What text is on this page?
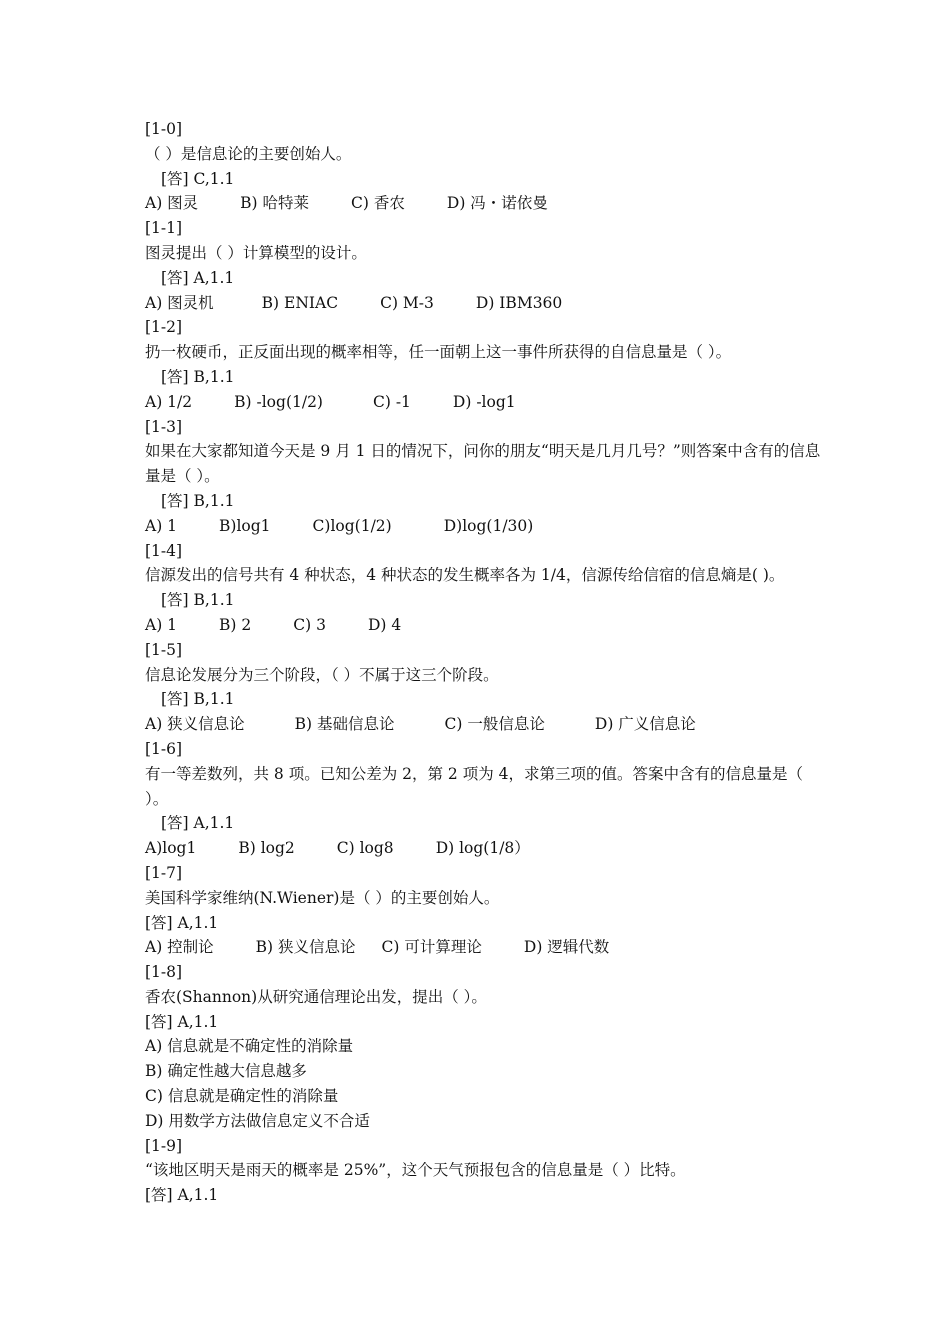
[1-0]
（ ）是信息论的主要创始人。
[答] C,1.1
A) 图灵	B) 哈特莱	C) 香农	D) 冯・诺依曼
[1-1]
图灵提出（ ）计算模型的设计。
[答] A,1.1
A) 图灵机	B) ENIAC	C) M-3	D) IBM360
[1-2]
扔一枚硬币，正反面出现的概率相等，任一面朝上这一事件所获得的自信息量是（ ）。
[答] B,1.1
A) 1/2	B) -log(1/2)	C) -1	D) -log1
[1-3]
如果在大家都知道今天是 9 月 1 日的情况下，问你的朋友“明天是几月几号？”则答案中含有的信息量是（ ）。
[答] B,1.1
A) 1	B)log1	C)log(1/2)	D)log(1/30)
[1-4]
信源发出的信号共有 4 种状态，4 种状态的发生概率各为 1/4，信源传给信宿的信息熵是( )。
[答] B,1.1
A) 1	B) 2	C) 3	D) 4
[1-5]
信息论发展分为三个阶段，（ ）不属于这三个阶段。
[答] B,1.1
A) 狭义信息论	B) 基础信息论	C) 一般信息论	D) 广义信息论
[1-6]
有一等差数列，共 8 项。已知公差为 2，第 2 项为 4，求第三项的值。答案中含有的信息量是（ ）。
[答] A,1.1
A)log1	B) log2	C) log8	D) log(1/8）
[1-7]
美国科学家维纳(N.Wiener)是（ ）的主要创始人。
[答] A,1.1
A) 控制论	B) 狭义信息论 C) 可计算理论	D) 逻辑代数
[1-8]
香农(Shannon)从研究通信理论出发，提出（ ）。
[答] A,1.1
A) 信息就是不确定性的消除量
B) 确定性越大信息越多
C) 信息就是确定性的消除量
D) 用数学方法做信息定义不合适
[1-9]
“该地区明天是雨天的概率是 25%”，这个天气预报包含的信息量是（ ）比特。
[答] A,1.1
